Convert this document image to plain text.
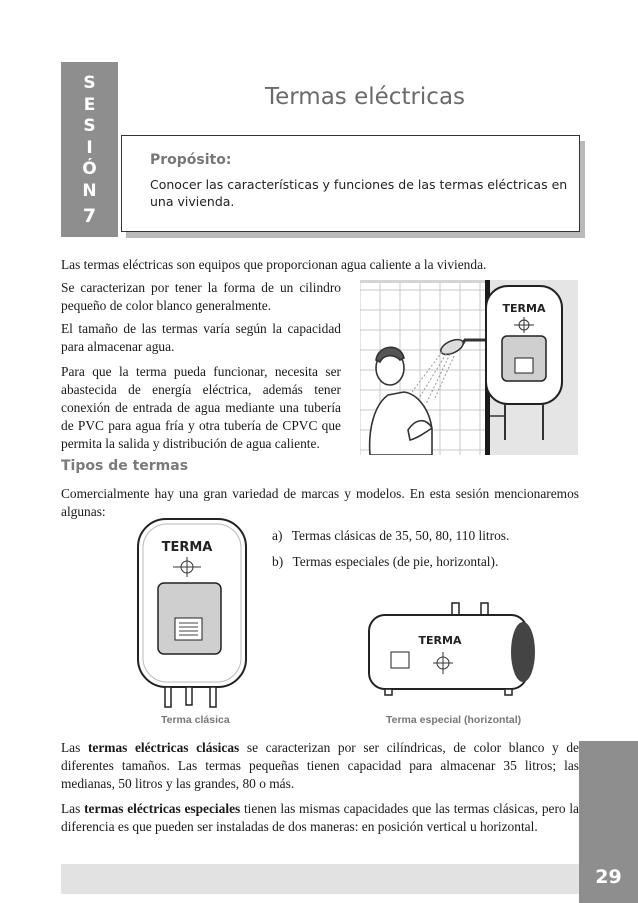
S
E
S
I
Ó
N
7
Termas eléctricas
Propósito:
Conocer las características y funciones de las termas eléctricas en una vivienda.
Las termas eléctricas son equipos que proporcionan agua caliente a la vivienda.
Se caracterizan por tener la forma de un cilindro pequeño de color blanco generalmente.
El tamaño de las termas varía según la capacidad para almacenar agua.
Para que la terma pueda funcionar, necesita ser abastecida de energía eléctrica, además tener conexión de entrada de agua mediante una tubería de PVC para agua fría y otra tubería de CPVC que permita la salida y distribución de agua caliente.
TERMA
Tipos de termas
Comercialmente hay una gran variedad de marcas y modelos. En esta sesión mencionaremos algunas:
a) Termas clásicas de 35, 50, 80, 110 litros.
b) Termas especiales (de pie, horizontal).
TERMA
TERMA
Terma clásica	Terma especial (horizontal)
Las termas eléctricas clásicas se caracterizan por ser cilíndricas, de color blanco y de diferentes tamaños. Las termas pequeñas tienen capacidad para almacenar 35 litros; las medianas, 50 litros y las grandes, 80 o más.
Las termas eléctricas especiales tienen las mismas capacidades que las termas clásicas, pero la diferencia es que pueden ser instaladas de dos maneras: en posición vertical u horizontal.
29
